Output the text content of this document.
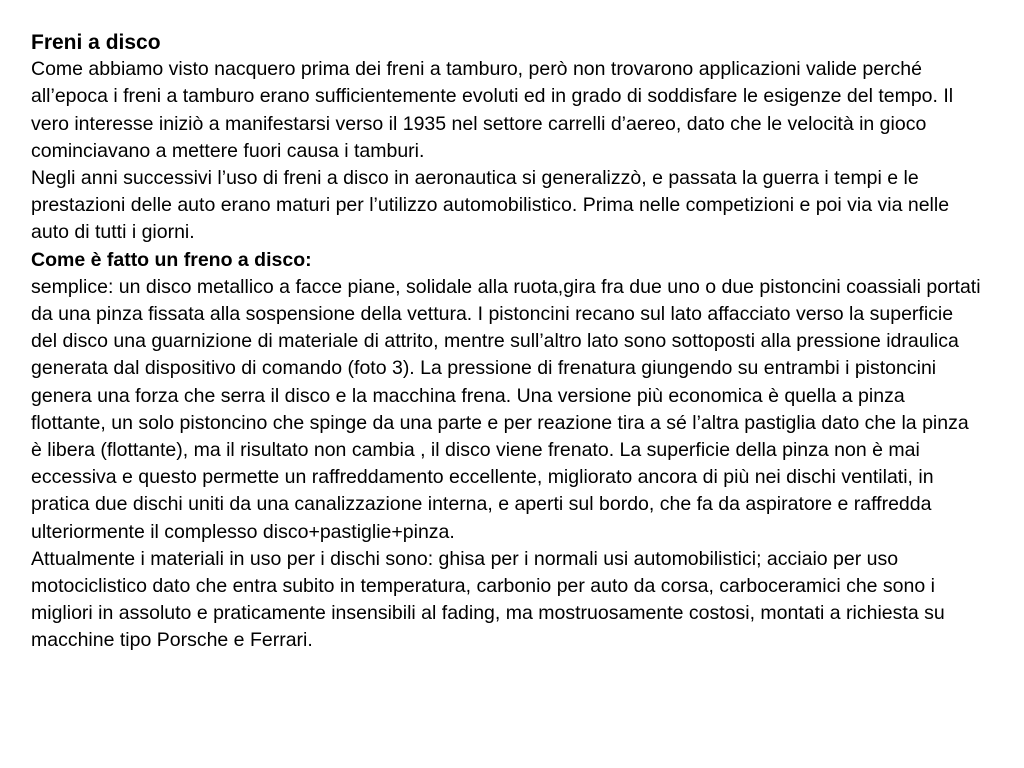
Freni a disco

Come abbiamo visto nacquero prima dei freni a tamburo, però non trovarono applicazioni valide perché all’epoca i freni a tamburo erano sufficientemente evoluti ed in grado di soddisfare le esigenze del tempo. Il vero interesse iniziò a manifestarsi verso il 1935 nel settore carrelli d’aereo, dato che le velocità in gioco cominciavano a mettere fuori causa i tamburi.

Negli anni successivi l’uso di freni a disco in aeronautica si generalizzò, e passata la guerra i tempi e le prestazioni delle auto erano maturi per l’utilizzo automobilistico. Prima nelle competizioni e poi via via nelle auto di tutti i giorni.

Come è fatto un freno a disco:

semplice: un disco metallico a facce piane, solidale alla ruota,gira fra due uno o due pistoncini coassiali portati da una pinza fissata alla sospensione della vettura. I pistoncini recano sul lato affacciato verso la superficie del disco una guarnizione di materiale di attrito, mentre sull’altro lato sono sottoposti alla pressione idraulica generata dal dispositivo di comando (foto 3). La pressione di frenatura giungendo su entrambi i pistoncini genera una forza che serra il disco e la macchina frena. Una versione più economica è quella a pinza flottante, un solo pistoncino che spinge da una parte e per reazione tira a sé l’altra pastiglia dato che la pinza è libera (flottante), ma il risultato non cambia , il disco viene frenato. La superficie della pinza non è mai eccessiva e questo permette un raffreddamento eccellente, migliorato ancora di più nei dischi ventilati, in pratica due dischi uniti da una canalizzazione interna, e aperti sul bordo, che fa da aspiratore e raffredda ulteriormente il complesso disco+pastiglie+pinza.

Attualmente i materiali in uso per i dischi sono: ghisa per i normali usi automobilistici; acciaio per uso motociclistico dato che entra subito in temperatura, carbonio per auto da corsa, carboceramici che sono i migliori in assoluto e praticamente insensibili al fading, ma mostruosamente costosi, montati a richiesta su macchine tipo Porsche e Ferrari.
